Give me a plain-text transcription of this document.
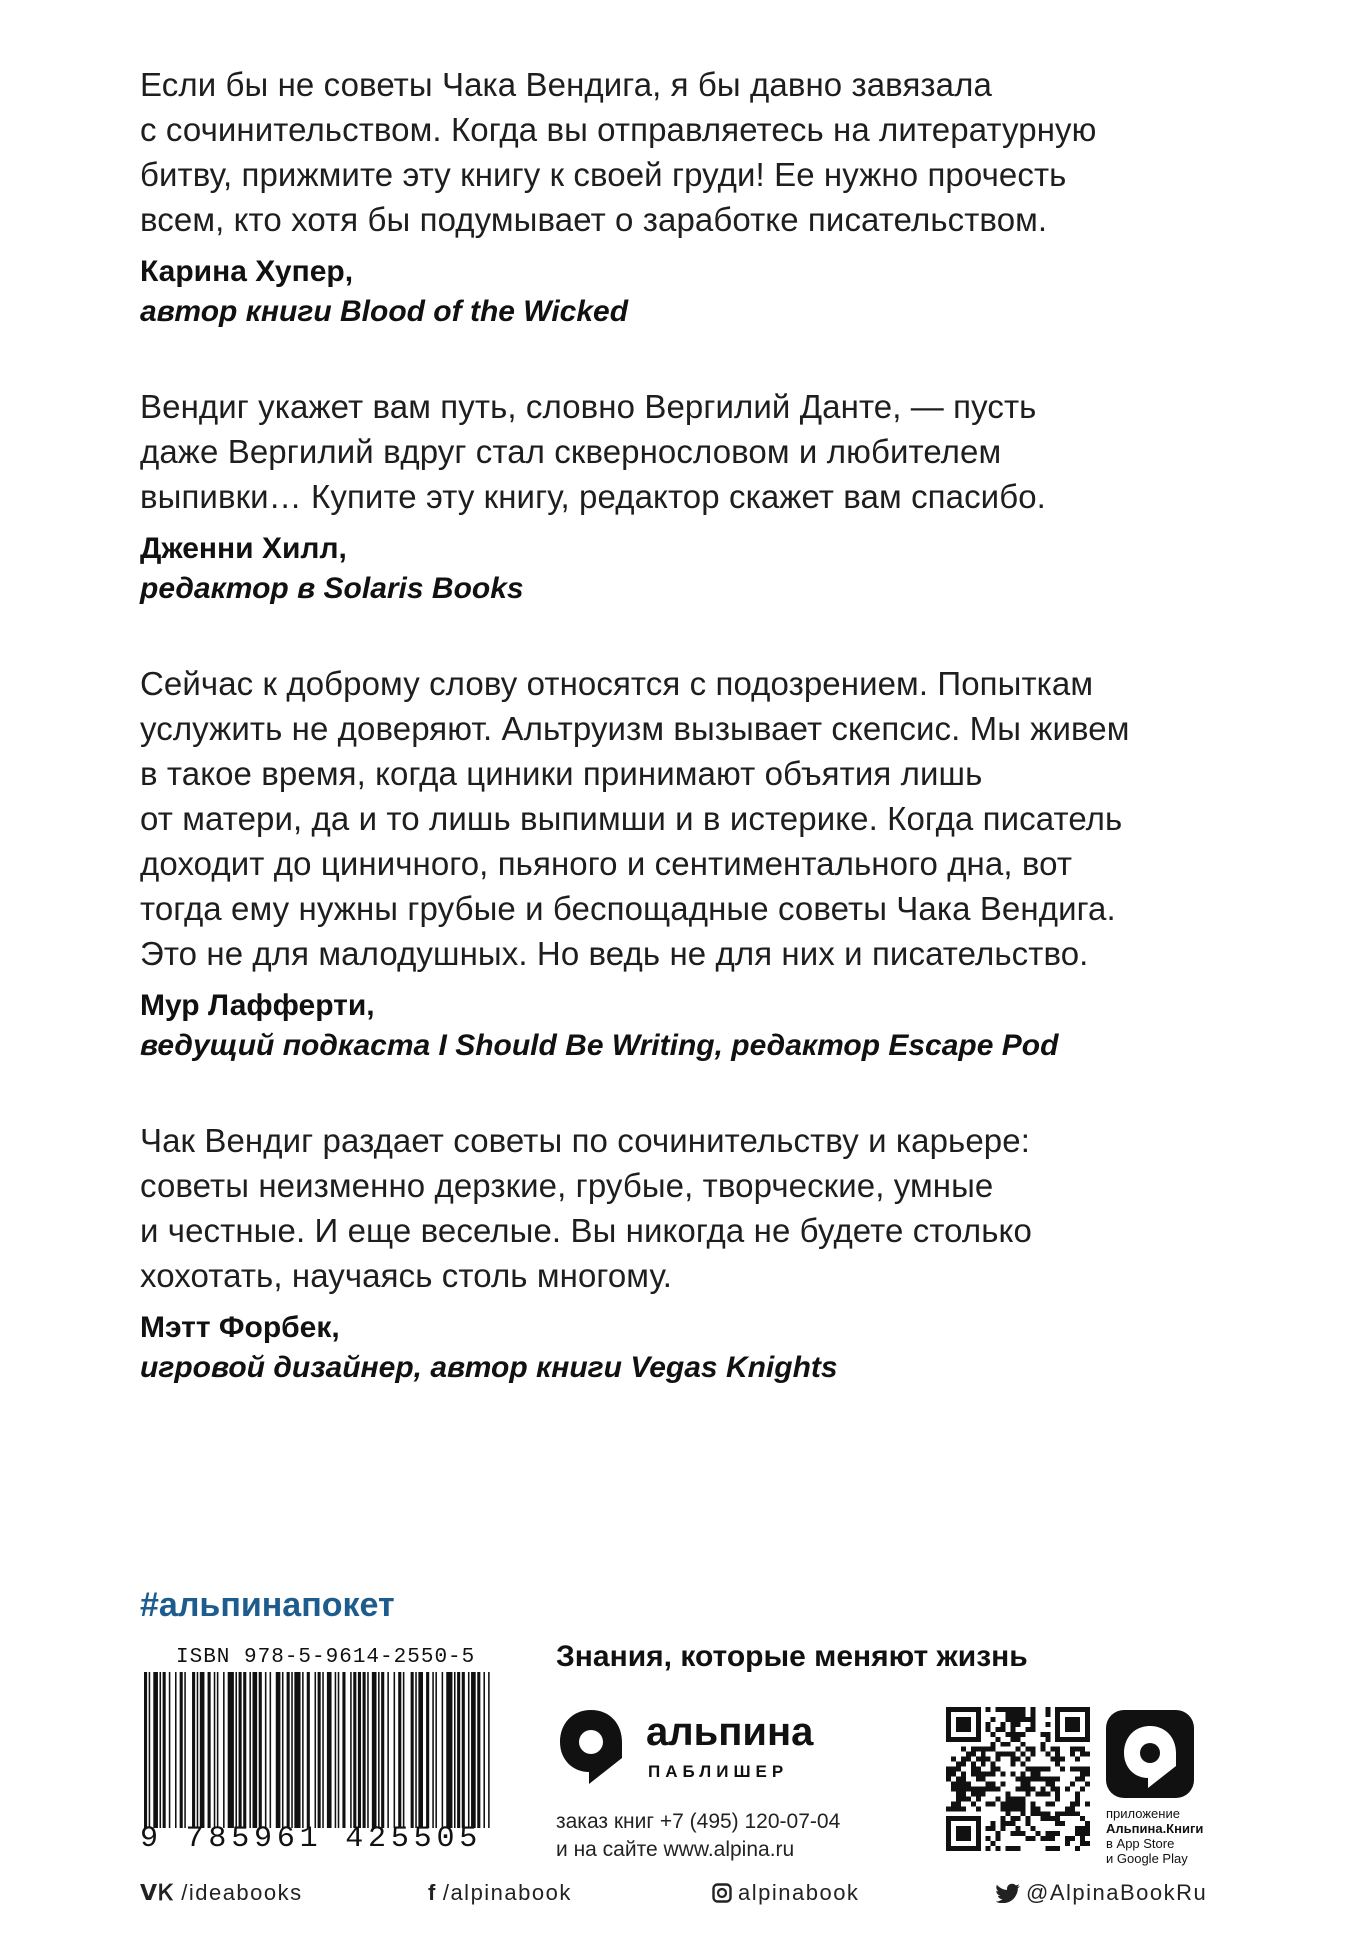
Если бы не советы Чака Вендига, я бы давно завязала
с сочинительством. Когда вы отправляетесь на литературную
битву, прижмите эту книгу к своей груди! Ее нужно прочесть
всем, кто хотя бы подумывает о заработке писательством.
Карина Хупер,
автор книги Blood of the Wicked
Вендиг укажет вам путь, словно Вергилий Данте, — пусть
даже Вергилий вдруг стал сквернословом и любителем
выпивки… Купите эту книгу, редактор скажет вам спасибо.
Дженни Хилл,
редактор в Solaris Books
Сейчас к доброму слову относятся с подозрением. Попыткам
услужить не доверяют. Альтруизм вызывает скепсис. Мы живем
в такое время, когда циники принимают объятия лишь
от матери, да и то лишь выпимши и в истерике. Когда писатель
доходит до циничного, пьяного и сентиментального дна, вот
тогда ему нужны грубые и беспощадные советы Чака Вендига.
Это не для малодушных. Но ведь не для них и писательство.
Мур Лафферти,
ведущий подкаста I Should Be Writing, редактор Escape Pod
Чак Вендиг раздает советы по сочинительству и карьере:
советы неизменно дерзкие, грубые, творческие, умные
и честные. И еще веселые. Вы никогда не будете столько
хохотать, научаясь столь многому.
Мэтт Форбек,
игровой дизайнер, автор книги Vegas Knights
#альпинапокет
ISBN 978-5-9614-2550-5
9 785961 425505
Знания, которые меняют жизнь
альпина
ПАБЛИШЕР
заказ книг +7 (495) 120-07-04
и на сайте www.alpina.ru
приложение
Альпина.Книги
в App Store
и Google Play
ᐯᏦ /ideabooks	f /alpinabook	alpinabook	@AlpinaBookRu
